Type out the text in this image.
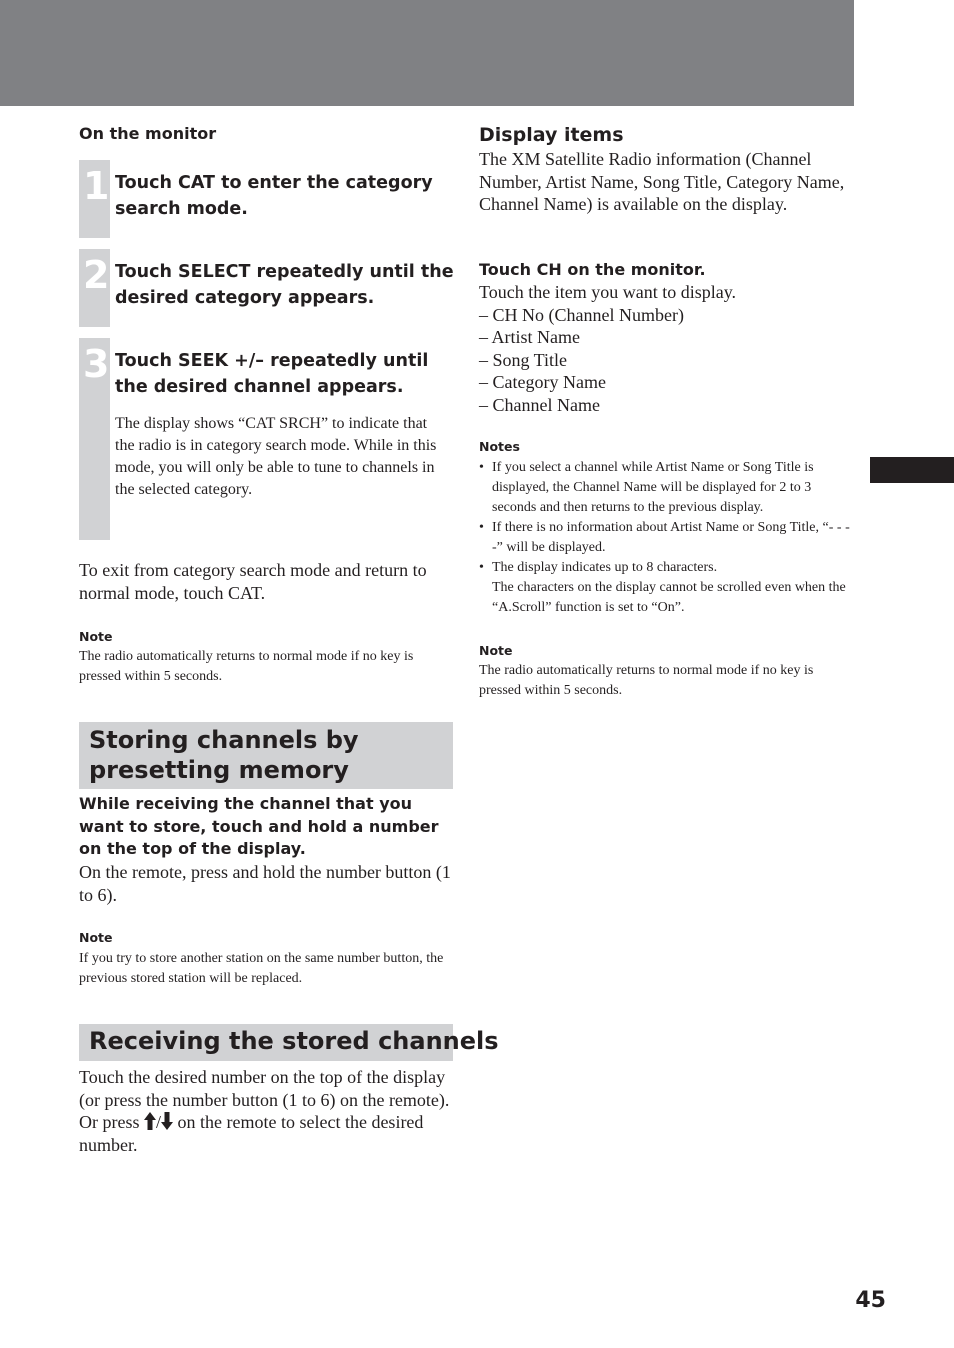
On the monitor
1 Touch CAT to enter the category search mode.
2 Touch SELECT repeatedly until the desired category appears.
3 Touch SEEK +/– repeatedly until the desired channel appears.
The display shows “CAT SRCH” to indicate that the radio is in category search mode. While in this mode, you will only be able to tune to channels in the selected category.
To exit from category search mode and return to normal mode, touch CAT.
Note
The radio automatically returns to normal mode if no key is pressed within 5 seconds.
Storing channels by presetting memory
While receiving the channel that you want to store, touch and hold a number on the top of the display.
On the remote, press and hold the number button (1 to 6).
Note
If you try to store another station on the same number button, the previous stored station will be replaced.
Receiving the stored channels
Touch the desired number on the top of the display (or press the number button (1 to 6) on the remote). Or press / on the remote to select the desired number.
Display items
The XM Satellite Radio information (Channel Number, Artist Name, Song Title, Category Name, Channel Name) is available on the display.
Touch CH on the monitor.
Touch the item you want to display.
– CH No (Channel Number)
– Artist Name
– Song Title
– Category Name
– Channel Name
Notes
• If you select a channel while Artist Name or Song Title is displayed, the Channel Name will be displayed for 2 to 3 seconds and then returns to the previous display.
• If there is no information about Artist Name or Song Title, “- - - -” will be displayed.
• The display indicates up to 8 characters.
The characters on the display cannot be scrolled even when the “A.Scroll” function is set to “On”.
Note
The radio automatically returns to normal mode if no key is pressed within 5 seconds.
45
